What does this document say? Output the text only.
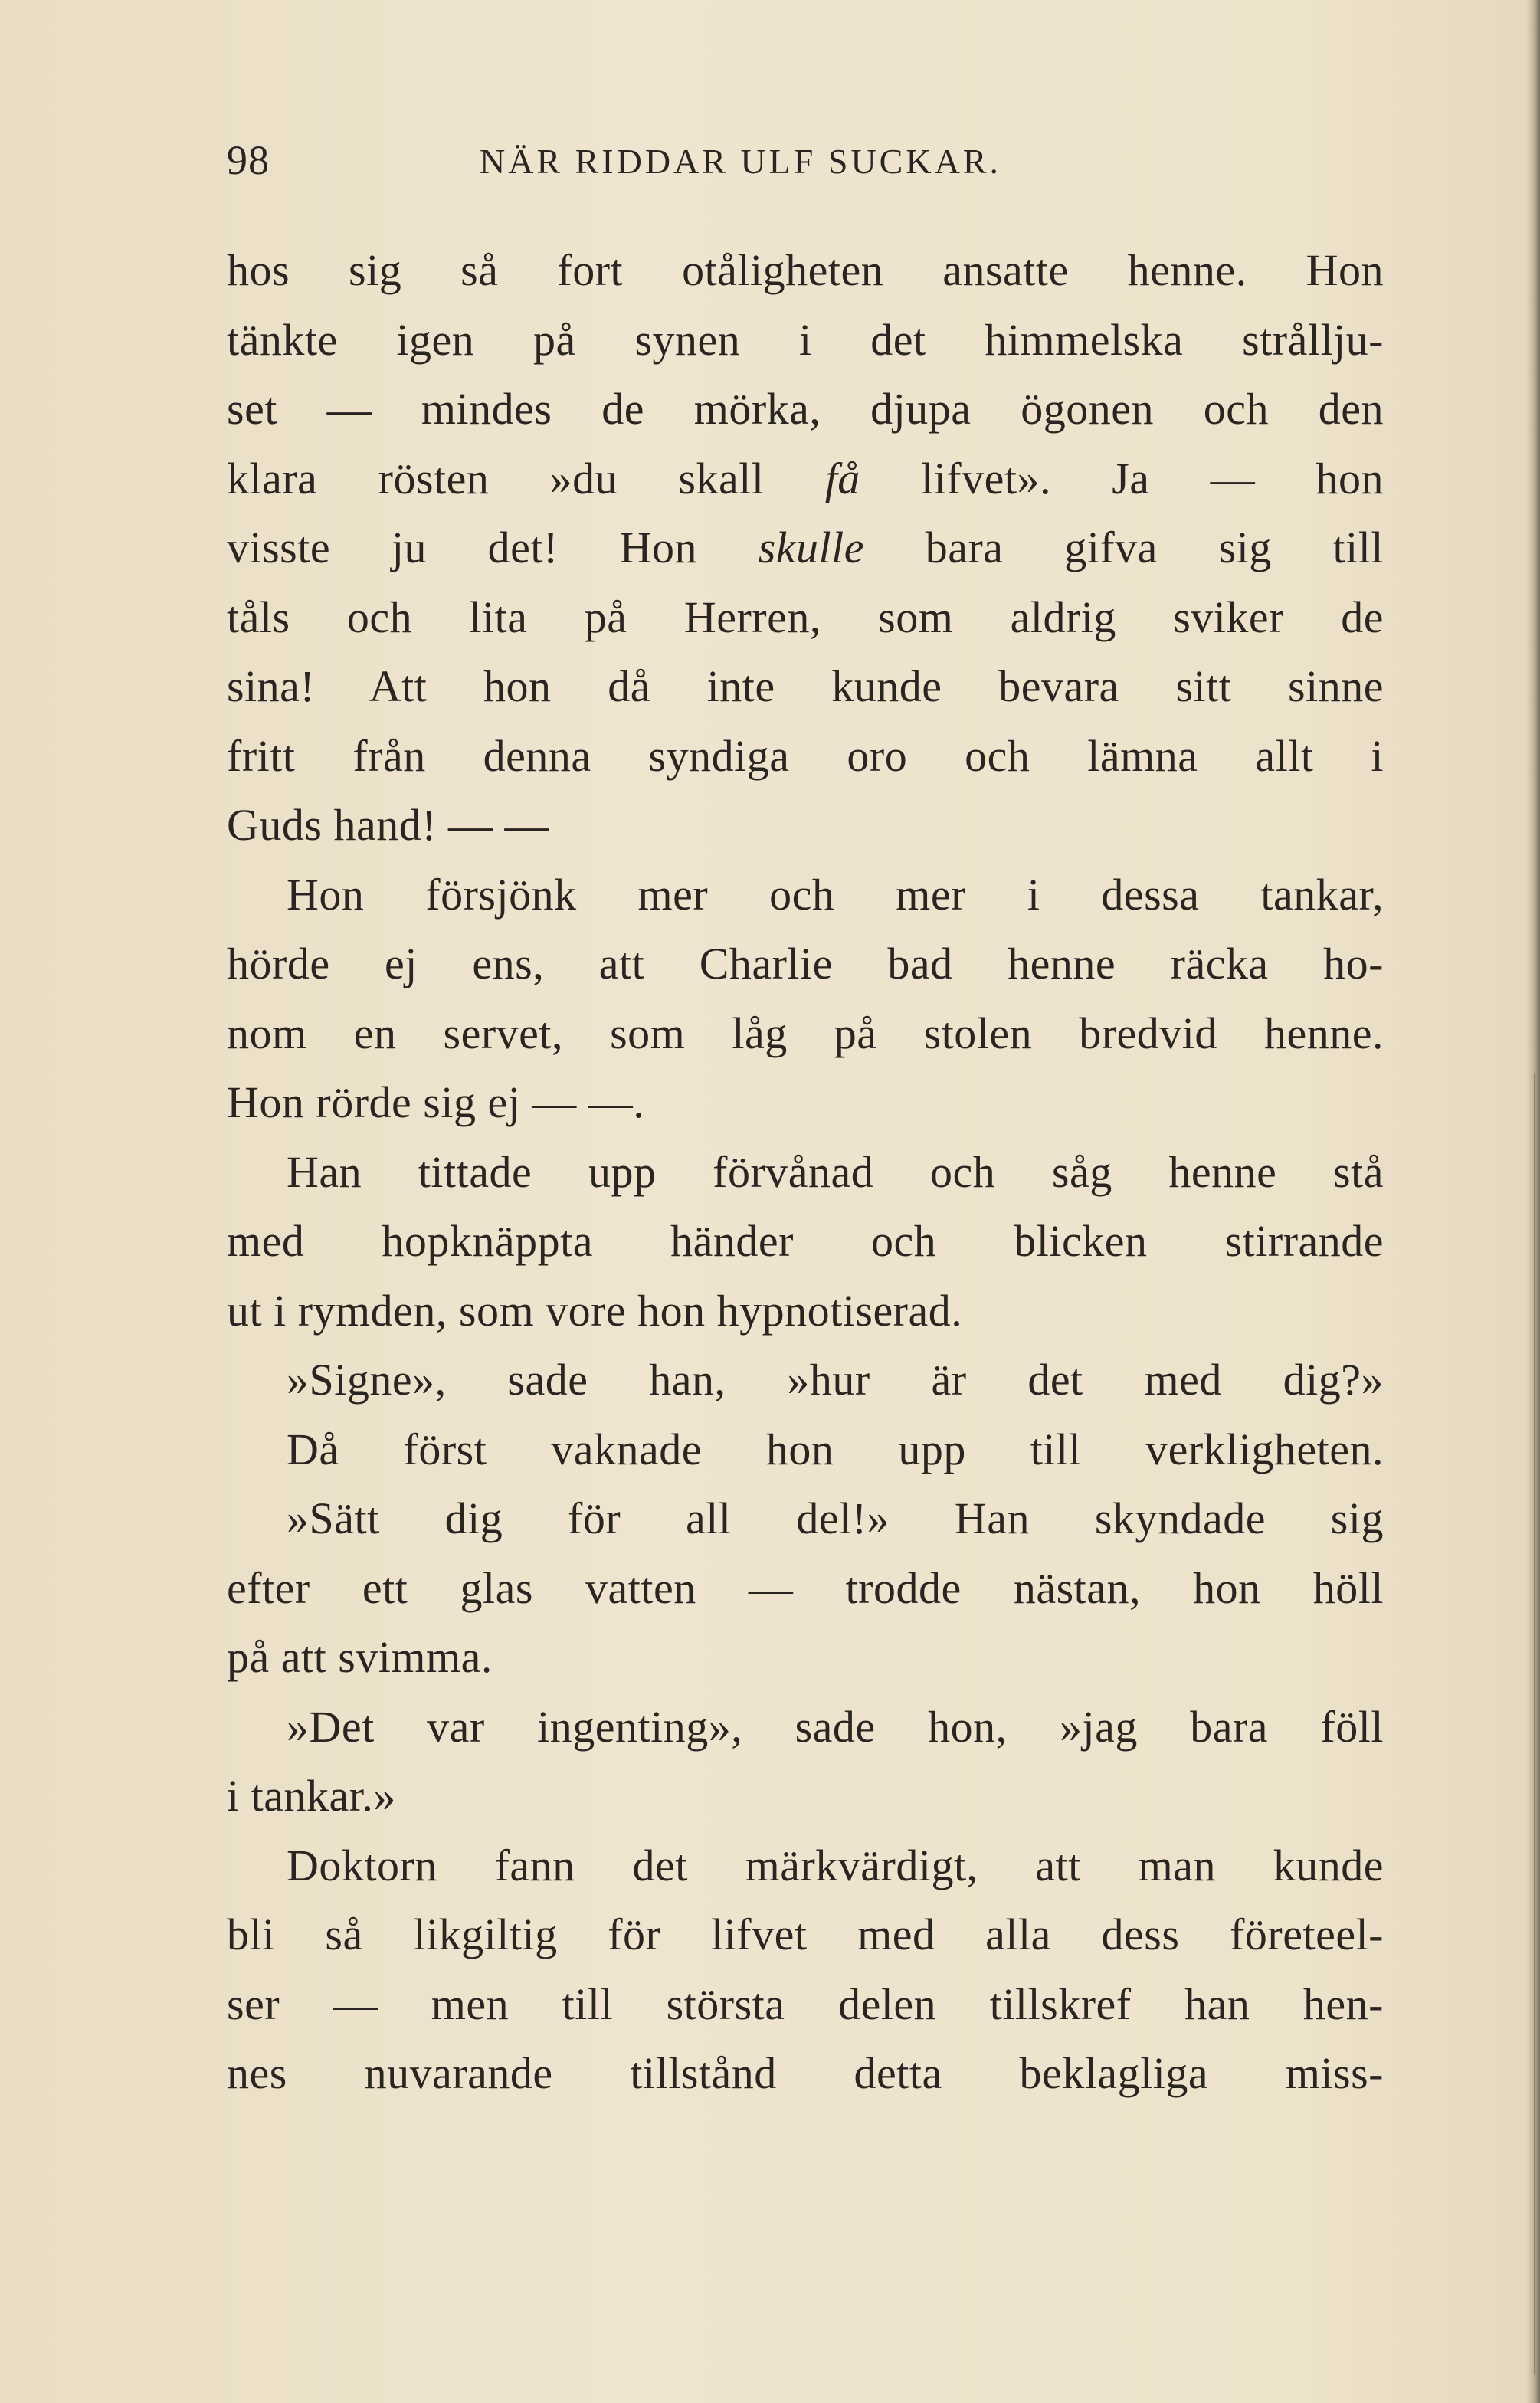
98	NÄR RIDDAR ULF SUCKAR.
hos sig så fort otåligheten ansatte henne. Hon
tänkte igen på synen i det himmelska strållju-
set — mindes de mörka, djupa ögonen och den
klara rösten »du skall få lifvet». Ja — hon
visste ju det! Hon skulle bara gifva sig till
tåls och lita på Herren, som aldrig sviker de
sina! Att hon då inte kunde bevara sitt sinne
fritt från denna syndiga oro och lämna allt i
Guds hand! — —
Hon försjönk mer och mer i dessa tankar,
hörde ej ens, att Charlie bad henne räcka ho-
nom en servet, som låg på stolen bredvid henne.
Hon rörde sig ej — —.
Han tittade upp förvånad och såg henne stå
med hopknäppta händer och blicken stirrande
ut i rymden, som vore hon hypnotiserad.
»Signe», sade han, »hur är det med dig?»
Då först vaknade hon upp till verkligheten.
»Sätt dig för all del!» Han skyndade sig
efter ett glas vatten — trodde nästan, hon höll
på att svimma.
»Det var ingenting», sade hon, »jag bara föll
i tankar.»
Doktorn fann det märkvärdigt, att man kunde
bli så likgiltig för lifvet med alla dess företeel-
ser — men till största delen tillskref han hen-
nes nuvarande tillstånd detta beklagliga miss-
